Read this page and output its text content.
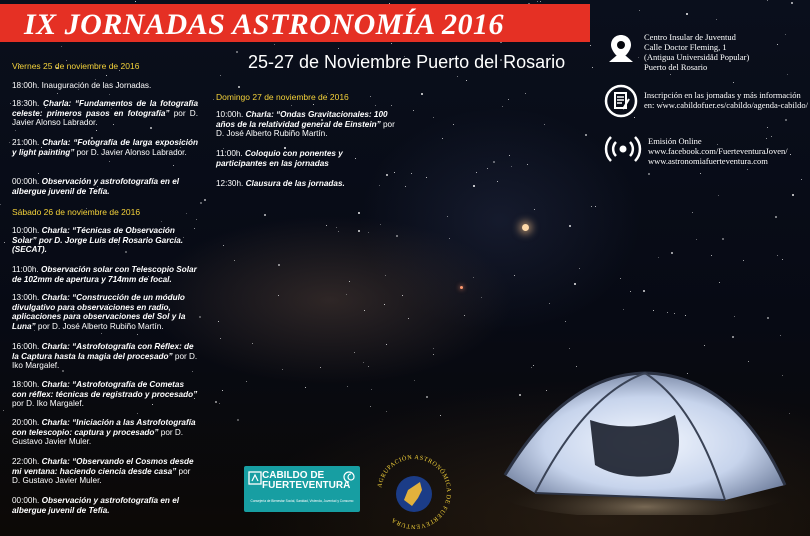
IX JORNADAS ASTRONOMÍA 2016
25-27 de Noviembre Puerto del Rosario
Viernes 25 de noviembre de 2016
18:00h. Inauguración de las Jornadas.
18:30h. Charla: “Fundamentos de la fotografía celeste: primeros pasos en fotografía” por D. Javier Alonso Labrador.
21:00h. Charla: “Fotografía de larga exposición y light painting” por D. Javier Alonso Labrador.
00:00h. Observación y astrofotografía en el albergue juvenil de Tefía.
Sábado 26 de noviembre de 2016
10:00h. Charla: “Técnicas de Observación Solar” por D. Jorge Luis del Rosario García. (SECAT).
11:00h. Observación solar con Telescopio Solar de 102mm de apertura y 714mm de focal.
13:00h. Charla: “Construcción de un módulo divulgativo para observaciones en radio, aplicaciones para observaciones del Sol y la Luna” por D. José Alberto Rubiño Martín.
16:00h. Charla: “Astrofotografía con Réflex: de la Captura hasta la magia del procesado” por D. Iko Margalef.
18:00h. Charla: “Astrofotografía de Cometas con réflex: técnicas de registrado y procesado” por D. Iko Margalef.
20:00h. Charla: “Iniciación a las Astrofotografía con telescopio: captura y procesado” por D. Gustavo Javier Muler.
22:00h. Charla: “Observando el Cosmos desde mi ventana: haciendo ciencia desde casa” por D. Gustavo Javier Muler.
00:00h. Observación y astrofotografía en el albergue juvenil de Tefía.
Domingo 27 de noviembre de 2016
10:00h. Charla: “Ondas Gravitacionales: 100 años de la relatividad general de Einstein” por D. José Alberto Rubiño Martín.
11:00h. Coloquio con ponentes y participantes en las jornadas
12:30h. Clausura de las jornadas.
Centro Insular de Juventud
Calle Doctor Fleming, 1
(Antigua Universidad Popular)
Puerto del Rosario
Inscripción en las jornadas y más información
en: www.cabildofuer.es/cabildo/agenda-cabildo/
Emisión Online
www.facebook.com/FuerteventuraJoven/
www.astronomiafuerteventura.com
CABILDO DE
FUERTEVENTURA
Consejería de Bienestar Social, Sanidad, Vivienda, Juventud y Consumo
AGRUPACIÓN ASTRONÓMICA DE FUERTEVENTURA
